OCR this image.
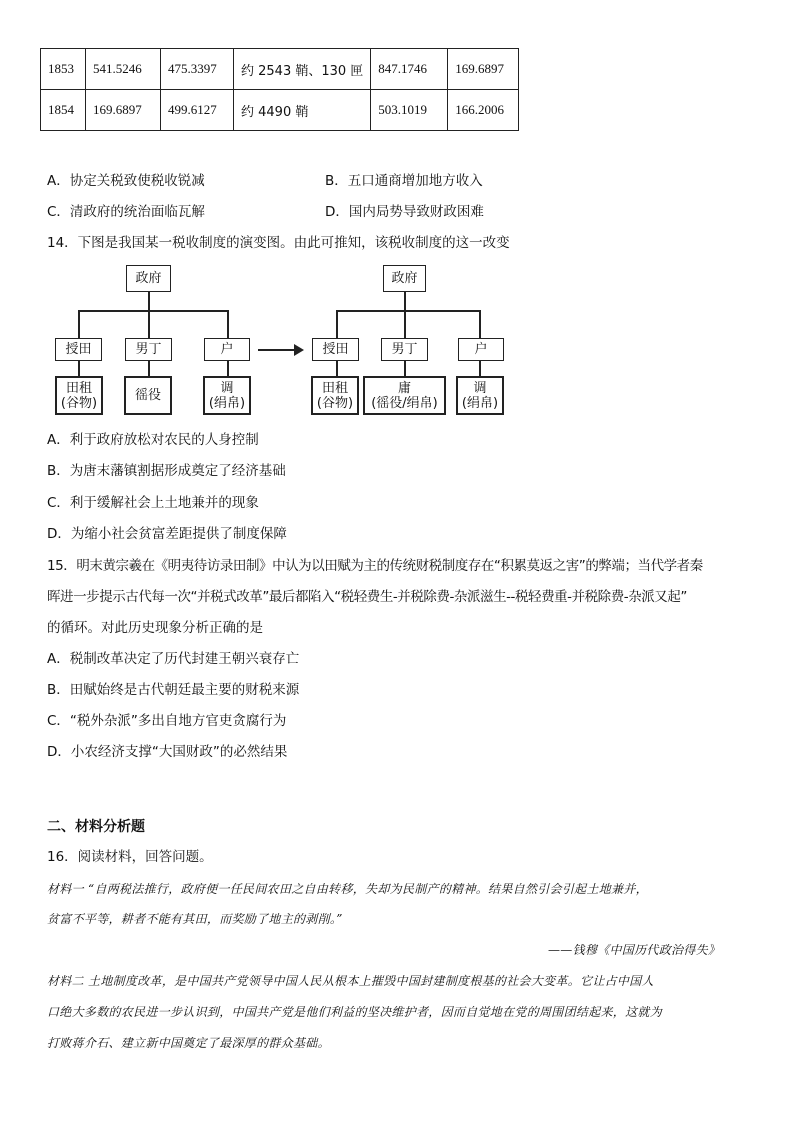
1853	541.5246	475.3397	约 2543 鞘、130 匣	847.1746	169.6897
1854	169.6897	499.6127	约 4490 鞘	503.1019	166.2006
A．协定关税致使税收锐减	B．五口通商增加地方收入
C．清政府的统治面临瓦解	D．国内局势导致财政困难
14．下图是我国某一税收制度的演变图。由此可推知，该税收制度的这一改变
政府
授田	男丁	户
田租
(谷物)	徭役	调
(绢帛)
政府
授田	男丁	户
田租
(谷物)
庸
(徭役/绢帛)
调
(绢帛)
A．利于政府放松对农民的人身控制
B．为唐末藩镇割据形成奠定了经济基础
C．利于缓解社会上土地兼并的现象
D．为缩小社会贫富差距提供了制度保障
15．明末黄宗羲在《明夷待访录田制》中认为以田赋为主的传统财税制度存在“积累莫返之害”的弊端；当代学者秦
晖进一步提示古代每一次“并税式改革”最后都陷入“税轻费生-并税除费-杂派滋生--税轻费重-并税除费-杂派又起”
的循环。对此历史现象分析正确的是
A．税制改革决定了历代封建王朝兴衰存亡
B．田赋始终是古代朝廷最主要的财税来源
C．“税外杂派”多出自地方官吏贪腐行为
D．小农经济支撑“大国财政”的必然结果
二、材料分析题
16．阅读材料，回答问题。
材料一 “自两税法推行，政府便一任民间农田之自由转移，失却为民制产的精神。结果自然引会引起土地兼并，
贫富不平等，耕者不能有其田，而奖励了地主的剥削。”
——钱穆《中国历代政治得失》
材料二 土地制度改革，是中国共产党领导中国人民从根本上摧毁中国封建制度根基的社会大变革。它让占中国人
口绝大多数的农民进一步认识到，中国共产党是他们利益的坚决维护者，因而自觉地在党的周围团结起来，这就为
打败蒋介石、建立新中国奠定了最深厚的群众基础。
